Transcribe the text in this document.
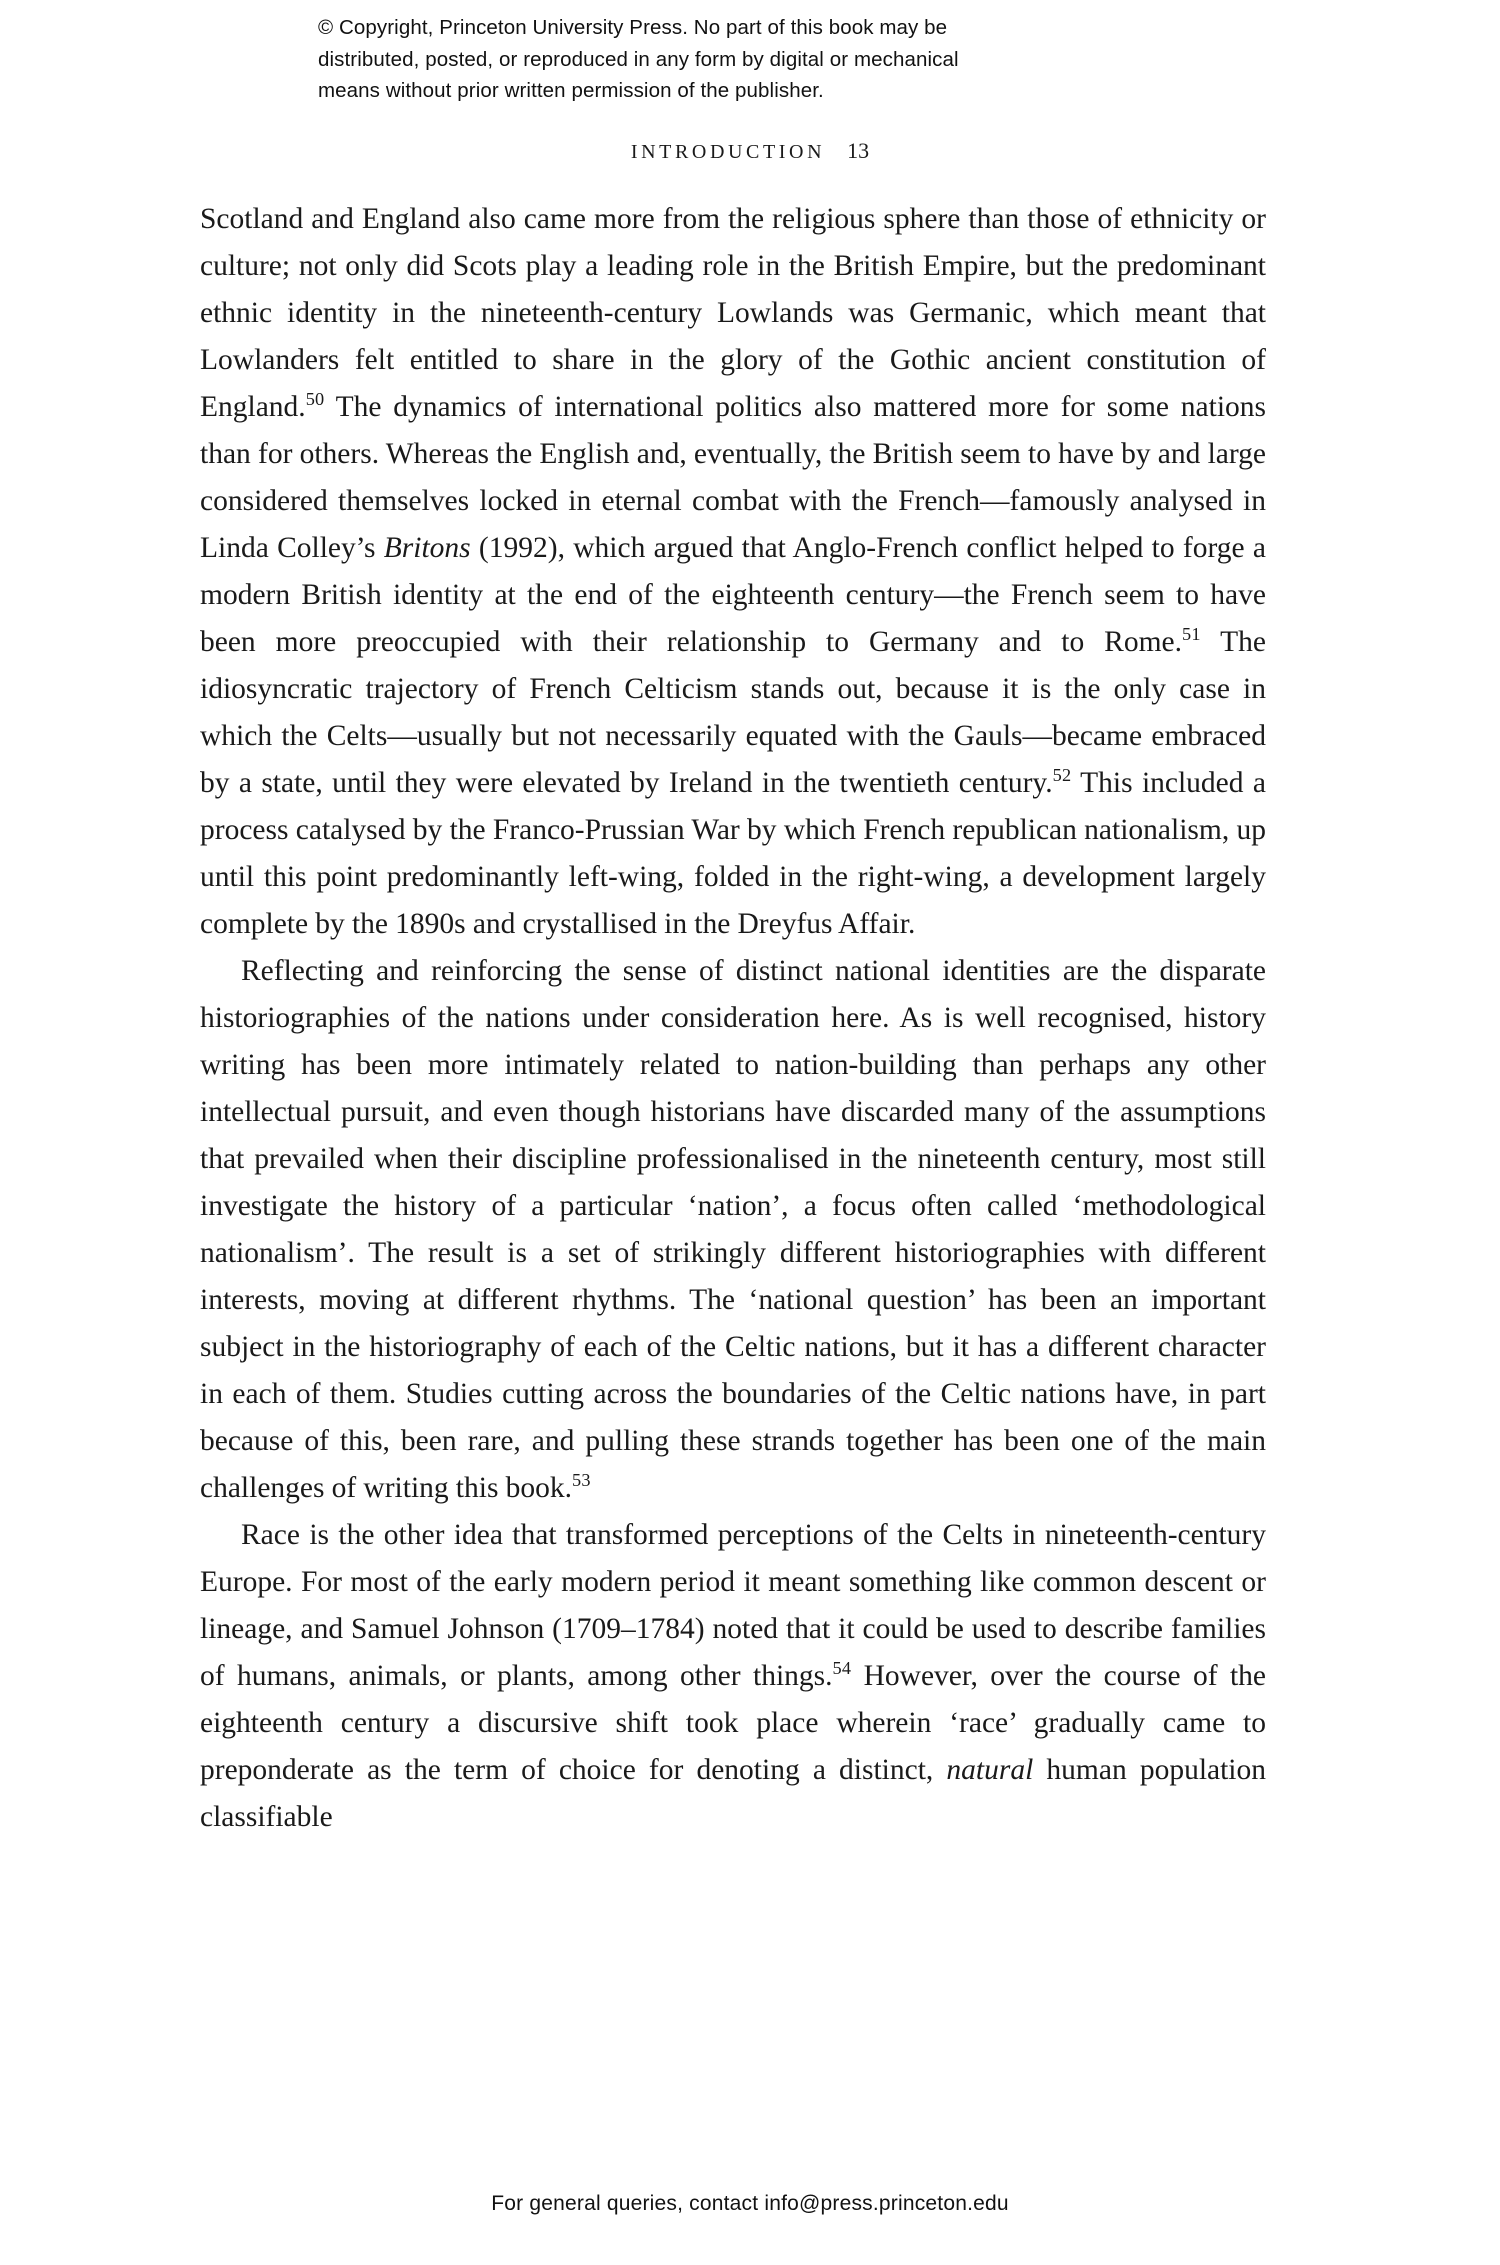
© Copyright, Princeton University Press. No part of this book may be
distributed, posted, or reproduced in any form by digital or mechanical
means without prior written permission of the publisher.
INTRODUCTION 13

Scotland and England also came more from the religious sphere than those of ethnicity or culture; not only did Scots play a leading role in the British Empire, but the predominant ethnic identity in the nineteenth-century Lowlands was Germanic, which meant that Lowlanders felt entitled to share in the glory of the Gothic ancient constitution of England.$^{50}$ The dynamics of international politics also mattered more for some nations than for others. Whereas the English and, eventually, the British seem to have by and large considered themselves locked in eternal combat with the French—famously analysed in Linda Colley’s Britons (1992), which argued that Anglo-French conflict helped to forge a modern British identity at the end of the eighteenth century—the French seem to have been more preoccupied with their relationship to Germany and to Rome.$^{51}$ The idiosyncratic trajectory of French Celticism stands out, because it is the only case in which the Celts—usually but not necessarily equated with the Gauls—became embraced by a state, until they were elevated by Ireland in the twentieth century.$^{52}$ This included a process catalysed by the Franco-Prussian War by which French republican nationalism, up until this point predominantly left-wing, folded in the right-wing, a development largely complete by the 1890s and crystallised in the Dreyfus Affair.

Reflecting and reinforcing the sense of distinct national identities are the disparate historiographies of the nations under consideration here. As is well recognised, history writing has been more intimately related to nation-building than perhaps any other intellectual pursuit, and even though historians have discarded many of the assumptions that prevailed when their discipline professionalised in the nineteenth century, most still investigate the history of a particular ‘nation’, a focus often called ‘methodological nationalism’. The result is a set of strikingly different historiographies with different interests, moving at different rhythms. The ‘national question’ has been an important subject in the historiography of each of the Celtic nations, but it has a different character in each of them. Studies cutting across the boundaries of the Celtic nations have, in part because of this, been rare, and pulling these strands together has been one of the main challenges of writing this book.$^{53}$

Race is the other idea that transformed perceptions of the Celts in nineteenth-century Europe. For most of the early modern period it meant something like common descent or lineage, and Samuel Johnson (1709–1784) noted that it could be used to describe families of humans, animals, or plants, among other things.$^{54}$ However, over the course of the eighteenth century a discursive shift took place wherein ‘race’ gradually came to preponderate as the term of choice for denoting a distinct, natural human population classifiable

For general queries, contact info@press.princeton.edu
